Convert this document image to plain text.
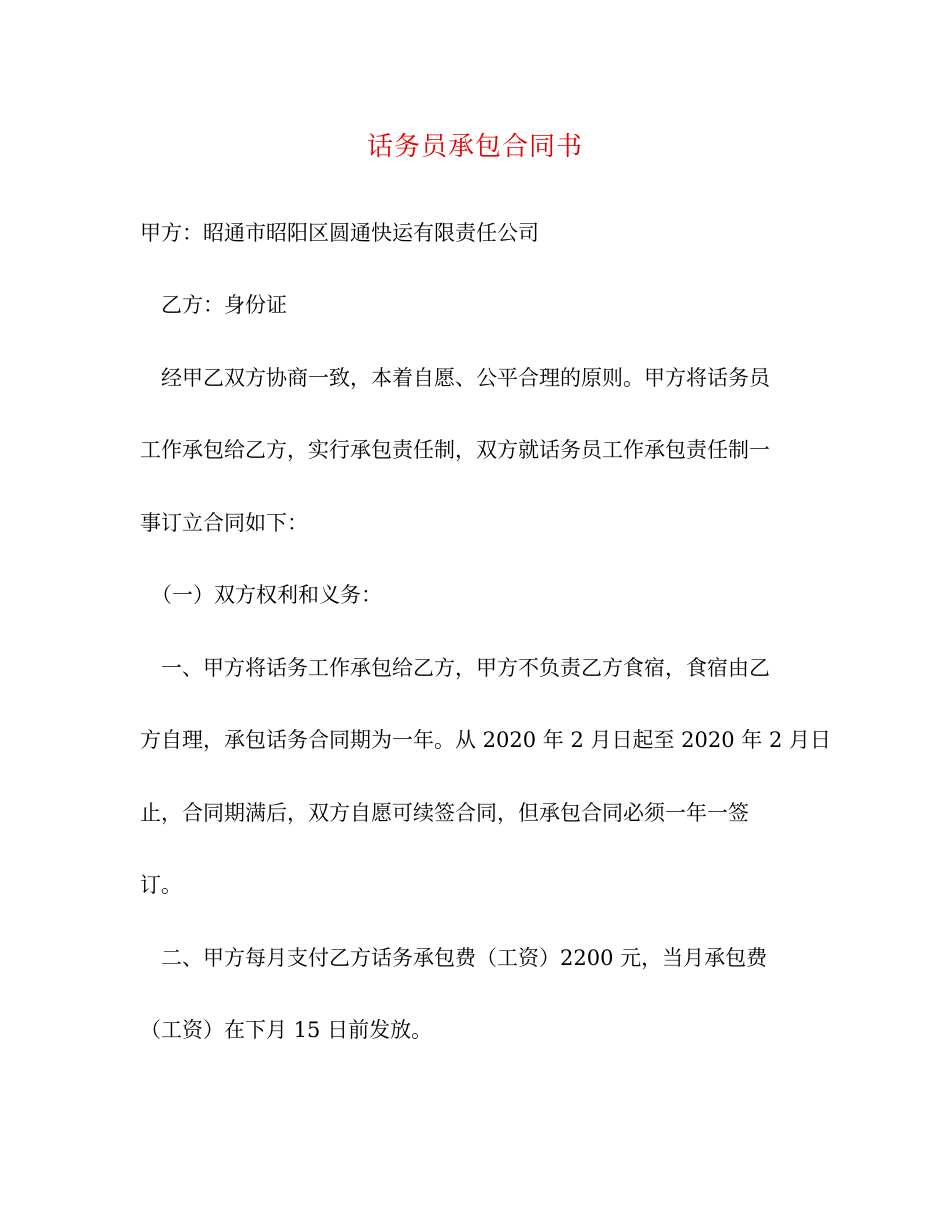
话务员承包合同书
甲方：昭通市昭阳区圆通快运有限责任公司
乙方：身份证
经甲乙双方协商一致，本着自愿、公平合理的原则。甲方将话务员
工作承包给乙方，实行承包责任制，双方就话务员工作承包责任制一
事订立合同如下：
（一）双方权利和义务：
一、甲方将话务工作承包给乙方，甲方不负责乙方食宿，食宿由乙
方自理，承包话务合同期为一年。从 2020 年 2 月日起至 2020 年 2 月日
止，合同期满后，双方自愿可续签合同，但承包合同必须一年一签
订。
二、甲方每月支付乙方话务承包费（工资）2200 元，当月承包费
（工资）在下月 15 日前发放。
